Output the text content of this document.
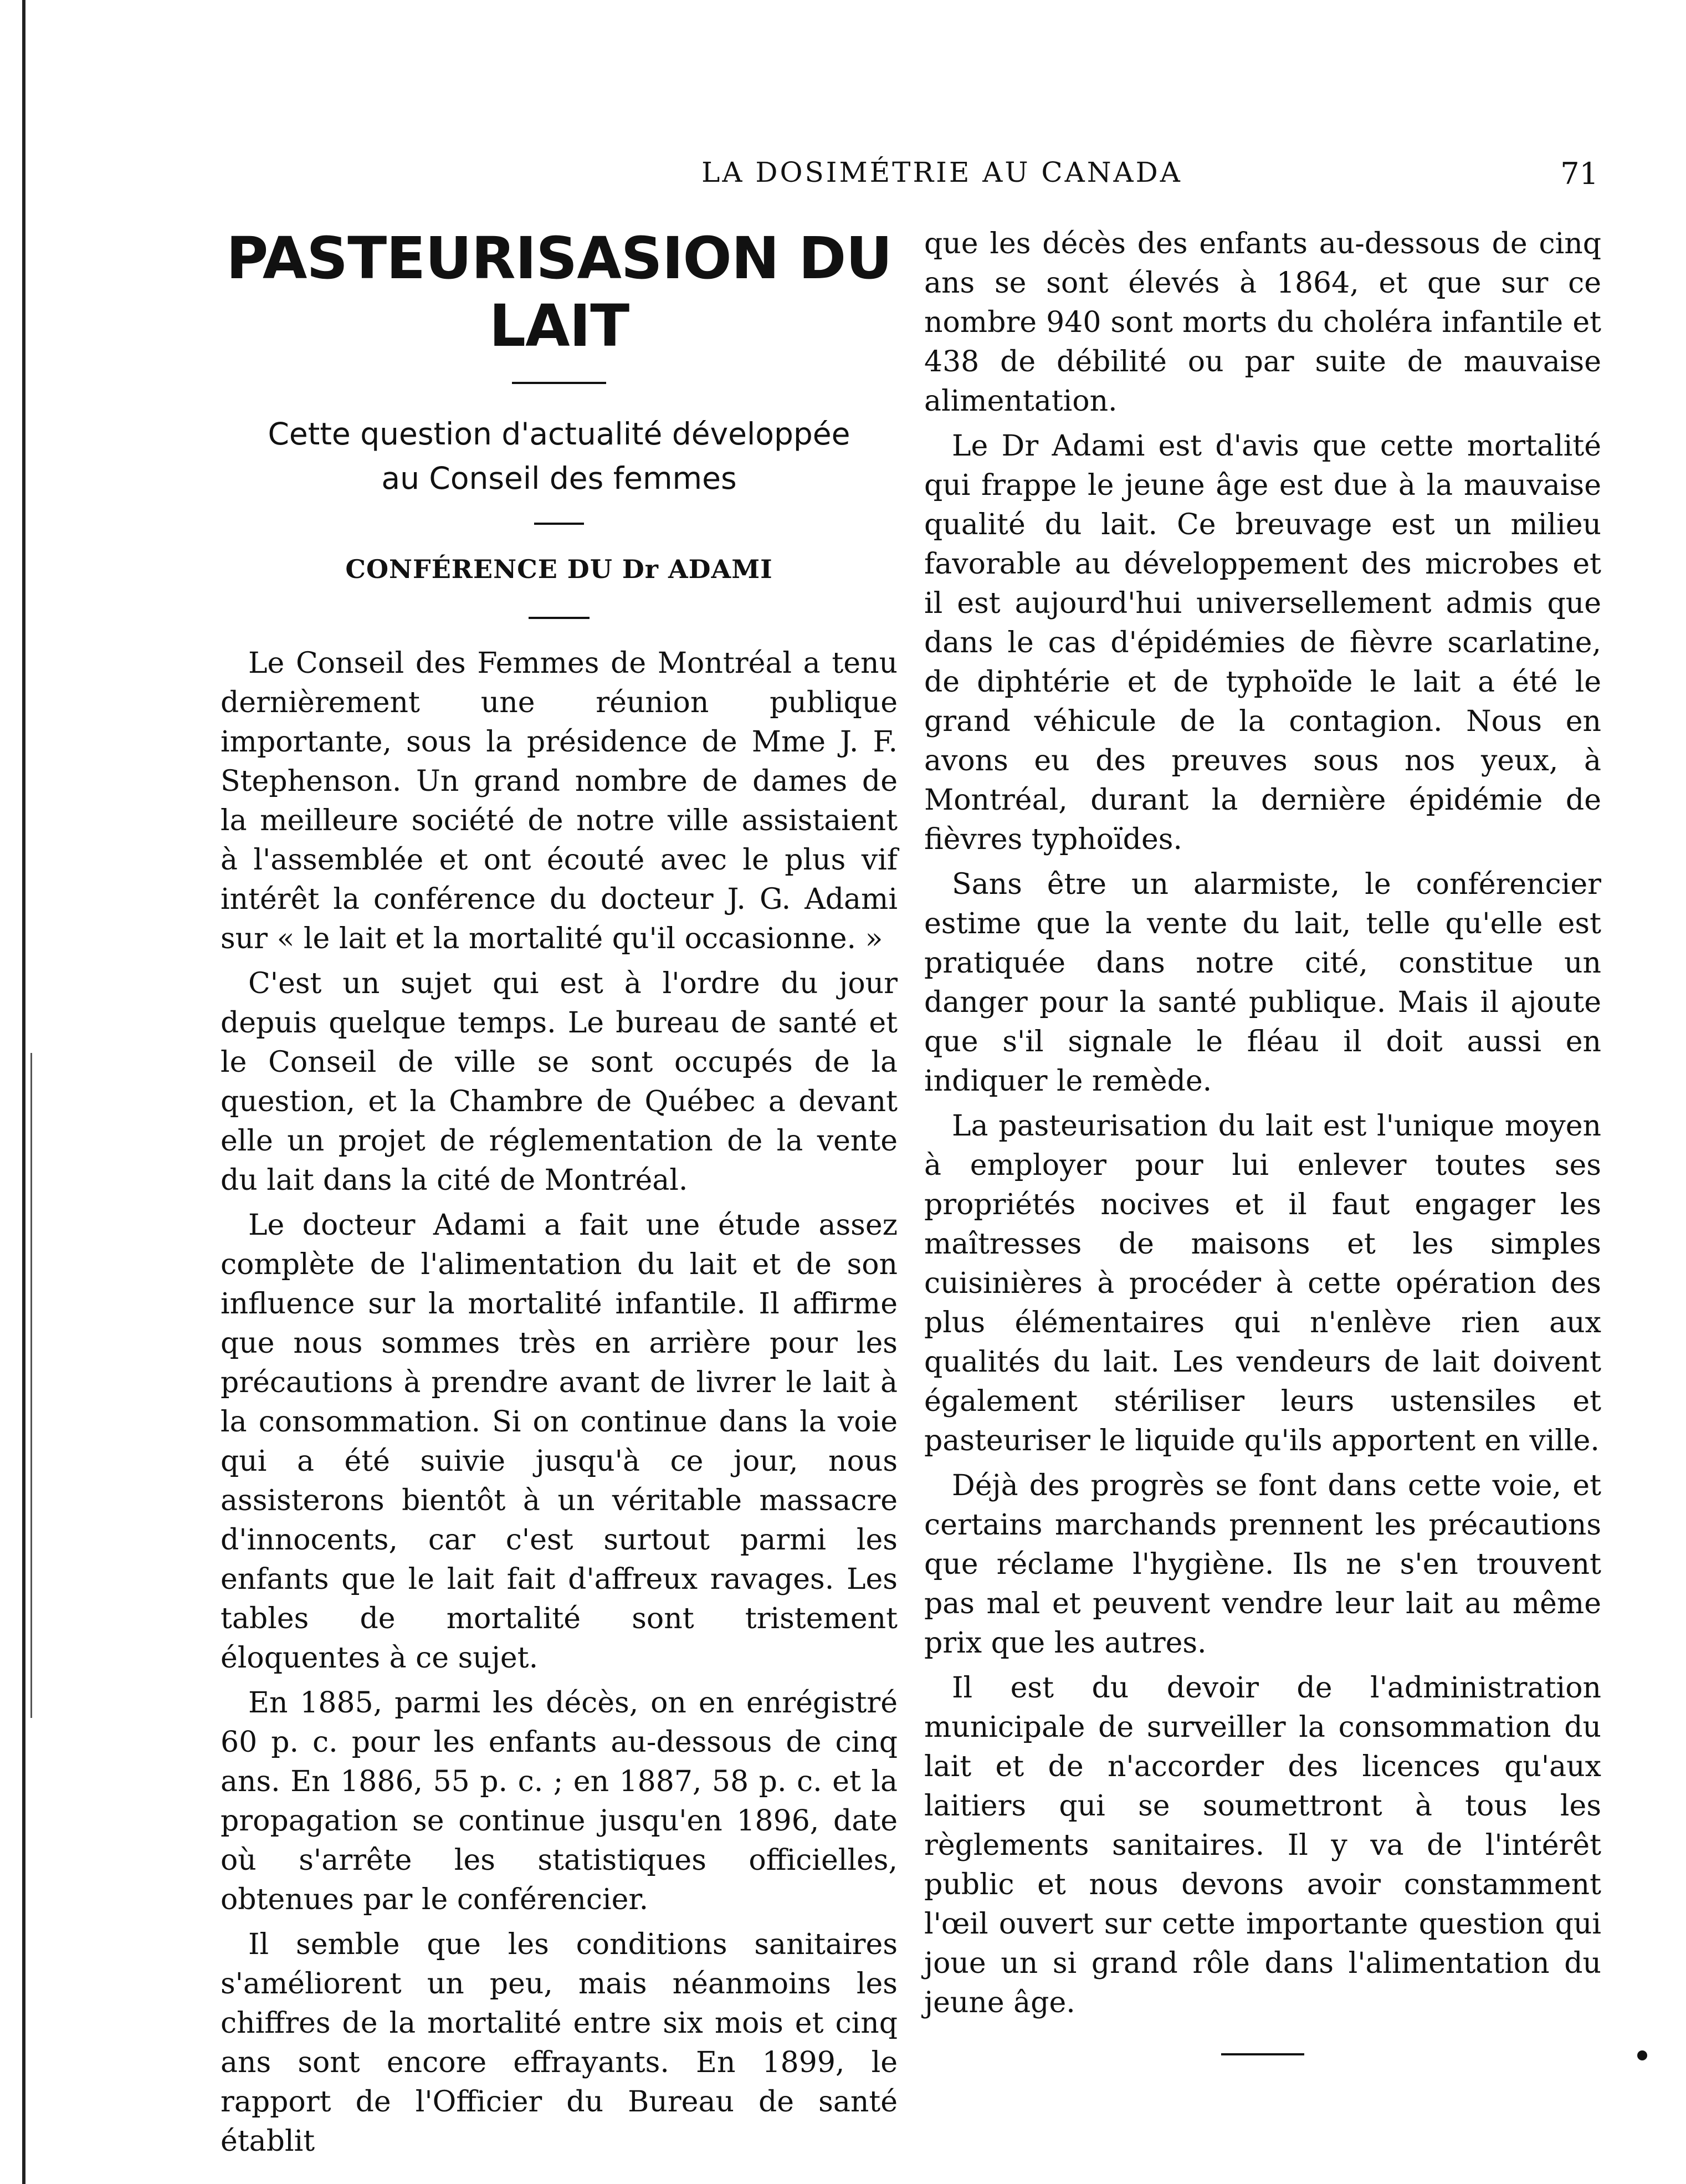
LA DOSIMÉTRIE AU CANADA	71
PASTEURISASION DU LAIT
Cette question d'actualité développée
au Conseil des femmes
CONFÉRENCE DU Dr ADAMI

Le Conseil des Femmes de Montréal a tenu dernièrement une réunion publique importante, sous la présidence de Mme J. F. Stephenson. Un grand nombre de dames de la meilleure société de notre ville assistaient à l'assemblée et ont écouté avec le plus vif intérêt la conférence du docteur J. G. Adami sur « le lait et la mortalité qu'il occasionne. »

C'est un sujet qui est à l'ordre du jour depuis quelque temps. Le bureau de santé et le Conseil de ville se sont occupés de la question, et la Chambre de Québec a devant elle un projet de réglementation de la vente du lait dans la cité de Montréal.

Le docteur Adami a fait une étude assez complète de l'alimentation du lait et de son influence sur la mortalité infantile. Il affirme que nous sommes très en arrière pour les précautions à prendre avant de livrer le lait à la consommation. Si on continue dans la voie qui a été suivie jusqu'à ce jour, nous assisterons bientôt à un véritable massacre d'innocents, car c'est surtout parmi les enfants que le lait fait d'affreux ravages. Les tables de mortalité sont tristement éloquentes à ce sujet.

En 1885, parmi les décès, on en enrégistré 60 p. c. pour les enfants au-dessous de cinq ans. En 1886, 55 p. c. ; en 1887, 58 p. c. et la propagation se continue jusqu'en 1896, date où s'arrête les statistiques officielles, obtenues par le conférencier.

Il semble que les conditions sanitaires s'améliorent un peu, mais néanmoins les chiffres de la mortalité entre six mois et cinq ans sont encore effrayants. En 1899, le rapport de l'Officier du Bureau de santé établit

que les décès des enfants au-dessous de cinq ans se sont élevés à 1864, et que sur ce nombre 940 sont morts du choléra infantile et 438 de débilité ou par suite de mauvaise alimentation.

Le Dr Adami est d'avis que cette mortalité qui frappe le jeune âge est due à la mauvaise qualité du lait. Ce breuvage est un milieu favorable au développement des microbes et il est aujourd'hui universellement admis que dans le cas d'épidémies de fièvre scarlatine, de diphtérie et de typhoïde le lait a été le grand véhicule de la contagion. Nous en avons eu des preuves sous nos yeux, à Montréal, durant la dernière épidémie de fièvres typhoïdes.

Sans être un alarmiste, le conférencier estime que la vente du lait, telle qu'elle est pratiquée dans notre cité, constitue un danger pour la santé publique. Mais il ajoute que s'il signale le fléau il doit aussi en indiquer le remède.

La pasteurisation du lait est l'unique moyen à employer pour lui enlever toutes ses propriétés nocives et il faut engager les maîtresses de maisons et les simples cuisinières à procéder à cette opération des plus élémentaires qui n'enlève rien aux qualités du lait. Les vendeurs de lait doivent également stériliser leurs ustensiles et pasteuriser le liquide qu'ils apportent en ville.

Déjà des progrès se font dans cette voie, et certains marchands prennent les précautions que réclame l'hygiène. Ils ne s'en trouvent pas mal et peuvent vendre leur lait au même prix que les autres.

Il est du devoir de l'administration municipale de surveiller la consommation du lait et de n'accorder des licences qu'aux laitiers qui se soumettront à tous les règlements sanitaires. Il y va de l'intérêt public et nous devons avoir constamment l'œil ouvert sur cette importante question qui joue un si grand rôle dans l'alimentation du jeune âge.
